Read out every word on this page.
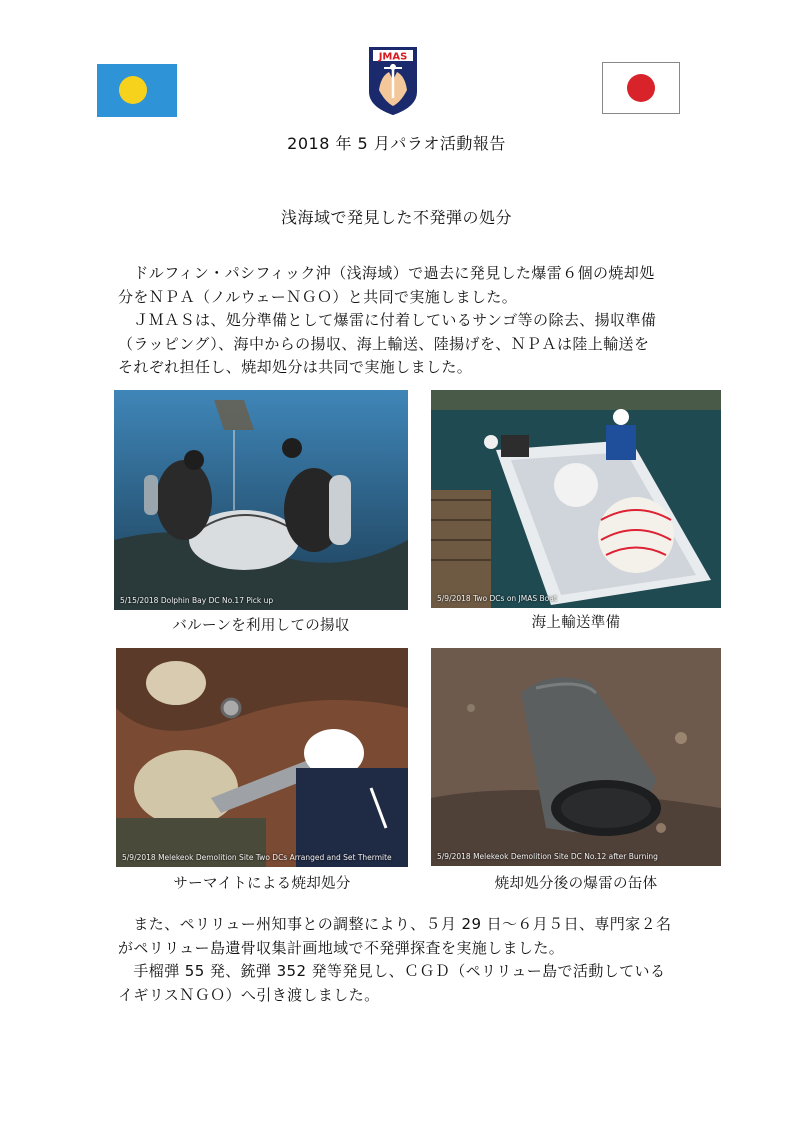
JMAS
2018 年 5 月パラオ活動報告
浅海域で発見した不発弾の処分
　ドルフィン・パシフィック沖（浅海域）で過去に発見した爆雷６個の焼却処
分をＮＰＡ（ノルウェーＮＧＯ）と共同で実施しました。
　ＪＭＡＳは、処分準備として爆雷に付着しているサンゴ等の除去、揚収準備
（ラッピング）、海中からの揚収、海上輸送、陸揚げを、ＮＰＡは陸上輸送を
それぞれ担任し、焼却処分は共同で実施しました。
5/15/2018 Dolphin Bay DC No.17 Pick up	5/9/2018 Two DCs on JMAS Boat
5/9/2018 Melekeok Demolition Site Two DCs Arranged and Set Thermite	5/9/2018 Melekeok Demolition Site DC No.12 after Burning
バルーンを利用しての揚収	海上輸送準備
サーマイトによる焼却処分	焼却処分後の爆雷の缶体
　また、ペリリュー州知事との調整により、５月 29 日〜６月５日、専門家２名
がペリリュー島遺骨収集計画地域で不発弾探査を実施しました。
　手榴弾 55 発、銃弾 352 発等発見し、ＣＧＤ（ペリリュー島で活動している
イギリスＮＧＯ）へ引き渡しました。
